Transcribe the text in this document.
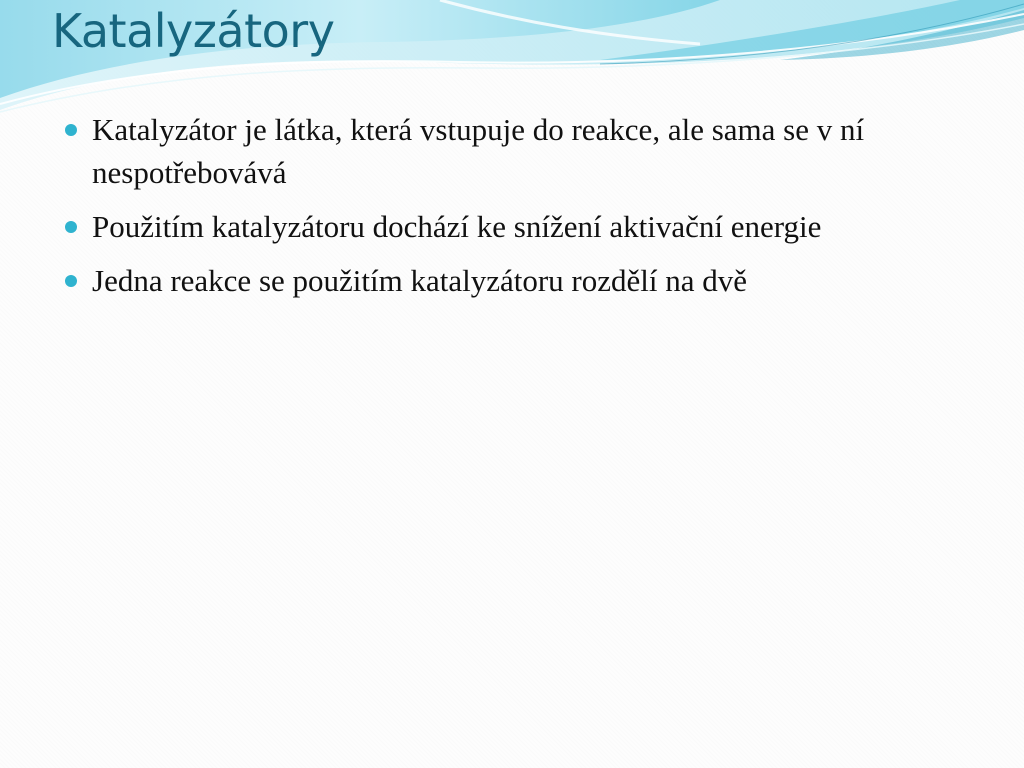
Katalyzátory
Katalyzátor je látka, která vstupuje do reakce, ale sama se v ní nespotřebovává
Použitím katalyzátoru dochází ke snížení aktivační energie
Jedna reakce se použitím katalyzátoru rozdělí na dvě
